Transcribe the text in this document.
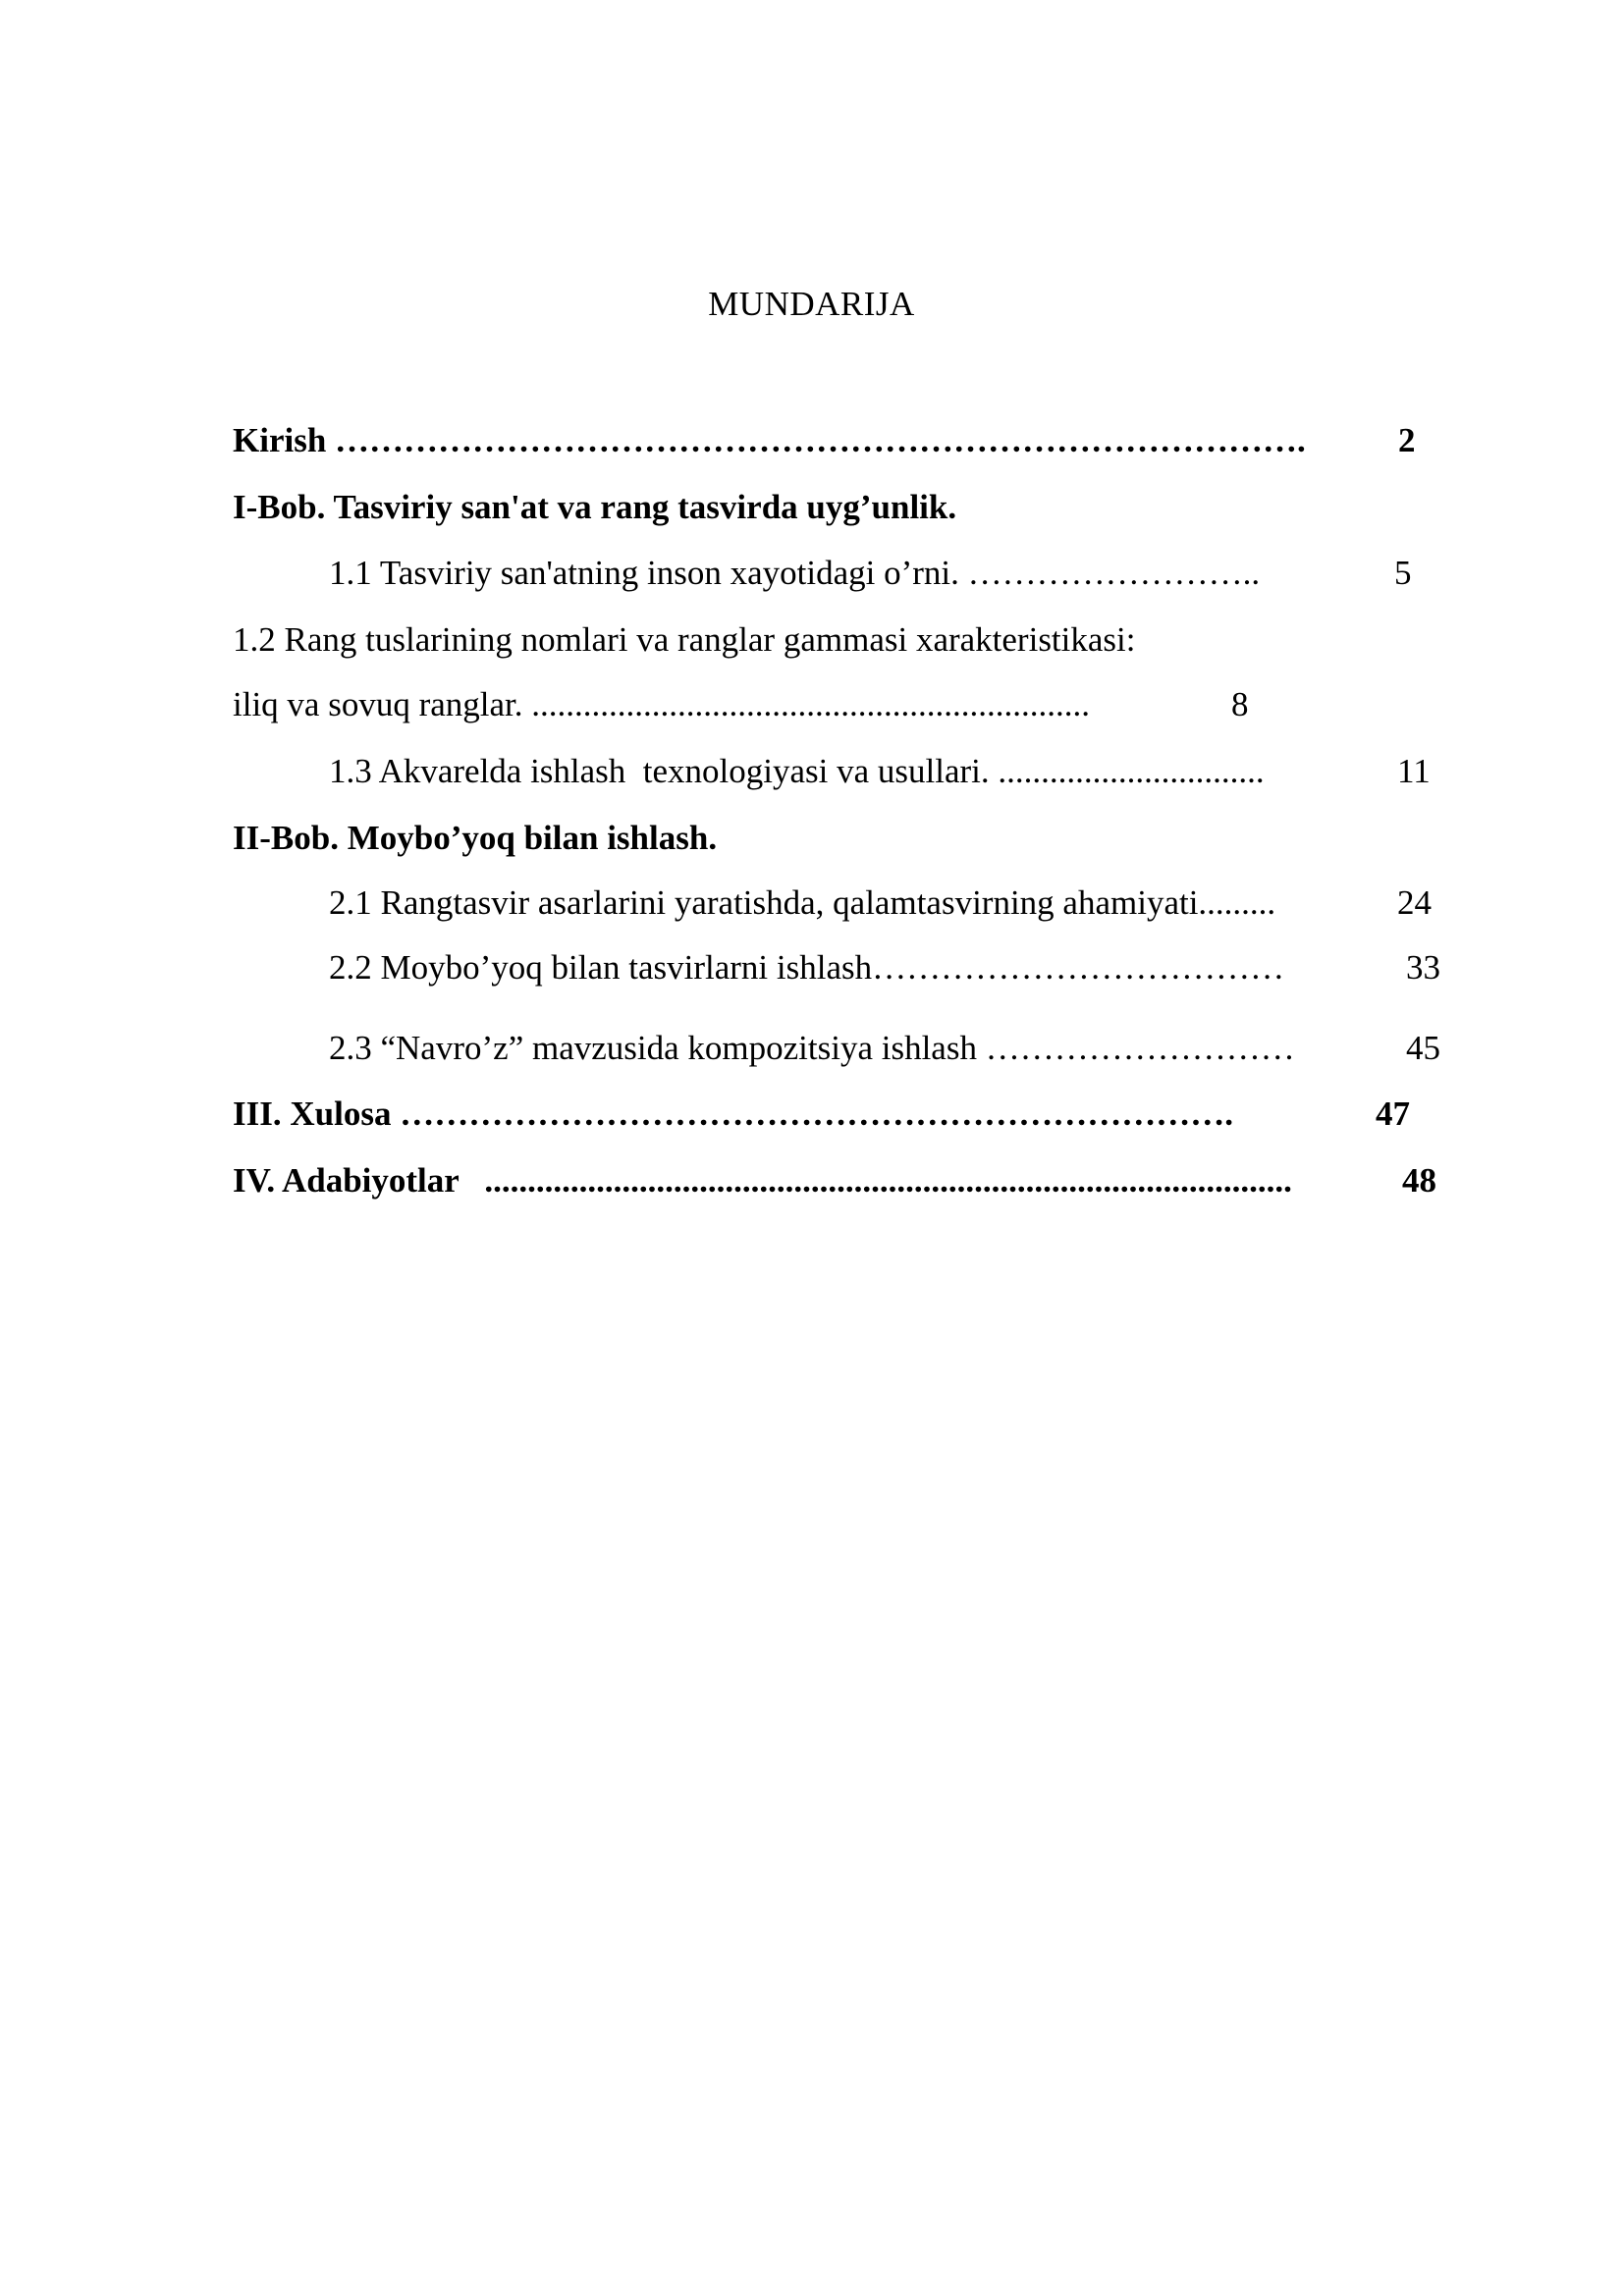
MUNDARIJA
Kirish ………………………………………………………………………….	2
I-Bob. Tasviriy san'at va rang tasvirda uyg’unlik.
1.1 Tasviriy san'atning inson xayotidagi o’rni. ……………………..	5
1.2 Rang tuslarining nomlari va ranglar gammasi xarakteristikasi:
iliq va sovuq ranglar. .................................................................	8
1.3 Akvarelda ishlash  texnologiyasi va usullari. ...............................	11
II-Bob. Moybo’yoq bilan ishlash.
2.1 Rangtasvir asarlarini yaratishda, qalamtasvirning ahamiyati.........	24
2.2 Moybo’yoq bilan tasvirlarni ishlash………………………………	33
2.3 “Navro’z” mavzusida kompozitsiya ishlash ………………………	45
III. Xulosa ……………………………………………………………….	47
IV. Adabiyotlar   ..............................................................................................	48
